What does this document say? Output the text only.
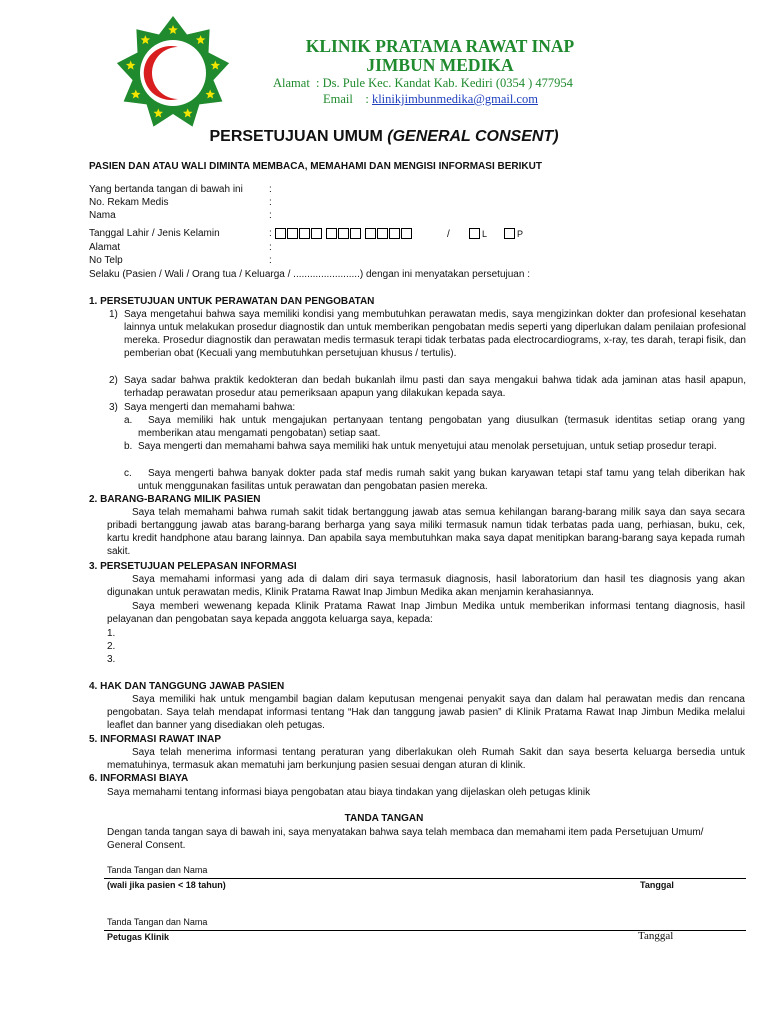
KLINIK PRATAMA RAWAT INAP
JIMBUN MEDIKA
Alamat  : Ds. Pule Kec. Kandat Kab. Kediri (0354 ) 477954
Email    : klinikjimbunmedika@gmail.com
PERSETUJUAN UMUM (GENERAL CONSENT)
PASIEN DAN ATAU WALI DIMINTA MEMBACA, MEMAHAMI DAN MENGISI INFORMASI BERIKUT
Yang bertanda tangan di bawah ini	:
No. Rekam Medis	:
Nama	:
Tanggal Lahir / Jenis Kelamin	:	/	L	P
Alamat	:
No Telp	:
Selaku (Pasien / Wali / Orang tua / Keluarga / ........................) dengan ini menyatakan persetujuan :
1. PERSETUJUAN UNTUK PERAWATAN DAN PENGOBATAN
1) Saya mengetahui bahwa saya memiliki kondisi yang membutuhkan perawatan medis, saya mengizinkan dokter dan profesional kesehatan lainnya untuk melakukan prosedur diagnostik dan untuk memberikan pengobatan medis seperti yang diperlukan dalam penilaian profesional mereka. Prosedur diagnostik dan perawatan medis termasuk terapi tidak terbatas pada electrocardiograms, x-ray, tes darah, terapi fisik, dan pemberian obat (Kecuali yang membutuhkan persetujuan khusus / tertulis).
2) Saya sadar bahwa praktik kedokteran dan bedah bukanlah ilmu pasti dan saya mengakui bahwa tidak ada jaminan atas hasil apapun, terhadap perawatan prosedur atau pemeriksaan apapun yang dilakukan kepada saya.
3) Saya mengerti dan memahami bahwa:
a.	Saya memiliki hak untuk mengajukan pertanyaan tentang pengobatan yang diusulkan (termasuk identitas setiap orang yang memberikan atau mengamati pengobatan) setiap saat.
b. Saya mengerti dan memahami bahwa saya memiliki hak untuk menyetujui atau menolak persetujuan, untuk setiap prosedur terapi.
c.	Saya mengerti bahwa banyak dokter pada staf medis rumah sakit yang bukan karyawan tetapi staf tamu yang telah diberikan hak untuk menggunakan fasilitas untuk perawatan dan pengobatan pasien mereka.
2. BARANG-BARANG MILIK PASIEN
Saya telah memahami bahwa rumah sakit tidak bertanggung jawab atas semua kehilangan barang-barang milik saya dan saya secara pribadi bertanggung jawab atas barang-barang berharga yang saya miliki termasuk namun tidak terbatas pada uang, perhiasan, buku, cek, kartu kredit handphone atau barang lainnya. Dan apabila saya membutuhkan maka saya dapat menitipkan barang-barang saya kepada rumah sakit.
3. PERSETUJUAN PELEPASAN INFORMASI
Saya memahami informasi yang ada di dalam diri saya termasuk diagnosis, hasil laboratorium dan hasil tes diagnosis yang akan digunakan untuk perawatan medis, Klinik Pratama Rawat Inap Jimbun Medika akan menjamin kerahasiannya.
Saya memberi wewenang kepada Klinik Pratama Rawat Inap Jimbun Medika untuk memberikan informasi tentang diagnosis, hasil pelayanan dan pengobatan saya kepada anggota keluarga saya, kepada:
1.
2.
3.
4. HAK DAN TANGGUNG JAWAB PASIEN
Saya memiliki hak untuk mengambil bagian dalam keputusan mengenai penyakit saya dan dalam hal perawatan medis dan rencana pengobatan. Saya telah mendapat informasi tentang “Hak dan tanggung jawab pasien” di Klinik Pratama Rawat Inap Jimbun Medika melalui leaflet dan banner yang disediakan oleh petugas.
5. INFORMASI RAWAT INAP
Saya telah menerima informasi tentang peraturan yang diberlakukan oleh Rumah Sakit dan saya beserta keluarga bersedia untuk mematuhinya, termasuk akan mematuhi jam berkunjung pasien sesuai dengan aturan di klinik.
6. INFORMASI BIAYA
Saya memahami tentang informasi biaya pengobatan atau biaya tindakan yang dijelaskan oleh petugas klinik
TANDA TANGAN
Dengan tanda tangan saya di bawah ini, saya menyatakan bahwa saya telah membaca dan memahami item pada Persetujuan Umum/ General Consent.
Tanda Tangan dan Nama
(wali jika pasien < 18 tahun)	Tanggal
Tanda Tangan dan Nama
Petugas Klinik	Tanggal
